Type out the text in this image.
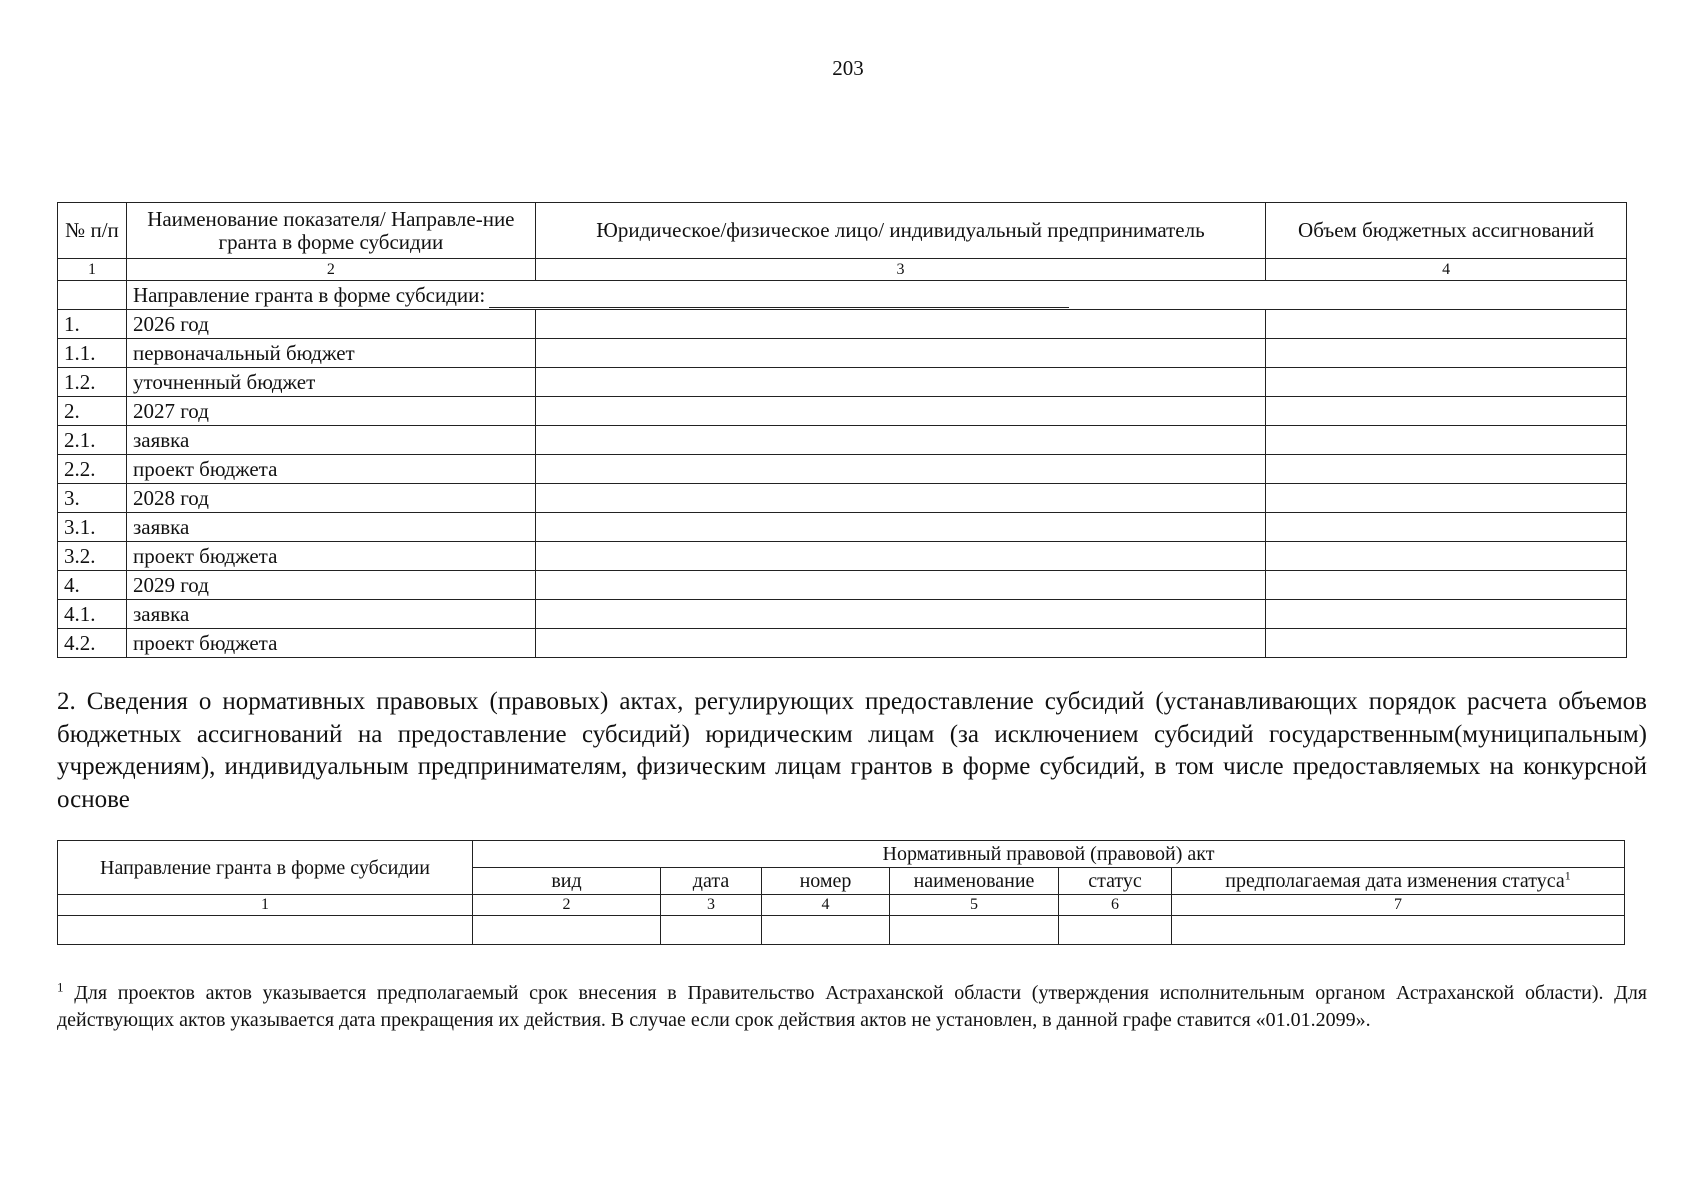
203
№ п/п	Наименование показателя/ Направле-ние гранта в форме субсидии	Юридическое/физическое лицо/ индивидуальный предприниматель	Объем бюджетных ассигнований
1	2	3	4
	Направление гранта в форме субсидии:		
1.	2026 год		
1.1.	первоначальный бюджет		
1.2.	уточненный бюджет		
2.	2027 год		
2.1.	заявка		
2.2.	проект бюджета		
3.	2028 год		
3.1.	заявка		
3.2.	проект бюджета		
4.	2029 год		
4.1.	заявка		
4.2.	проект бюджета		
2. Сведения о нормативных правовых (правовых) актах, регулирующих предоставление субсидий (устанавливающих порядок расчета объемов бюджетных ассигнований на предоставление субсидий) юридическим лицам (за исключением субсидий государственным(муниципальным) учреждениям), индивидуальным предпринимателям, физическим лицам грантов в форме субсидий, в том числе предоставляемых на конкурсной основе
Направление гранта в форме субсидии	Нормативный правовой (правовой) акт					
	вид	дата	номер	наименование	статус	предполагаемая дата изменения статуса$^1$
1	2	3	4	5	6	7

$^1$ Для проектов актов указывается предполагаемый срок внесения в Правительство Астраханской области (утверждения исполнительным органом Астраханской области). Для действующих актов указывается дата прекращения их действия. В случае если срок действия актов не установлен, в данной графе ставится «01.01.2099».
